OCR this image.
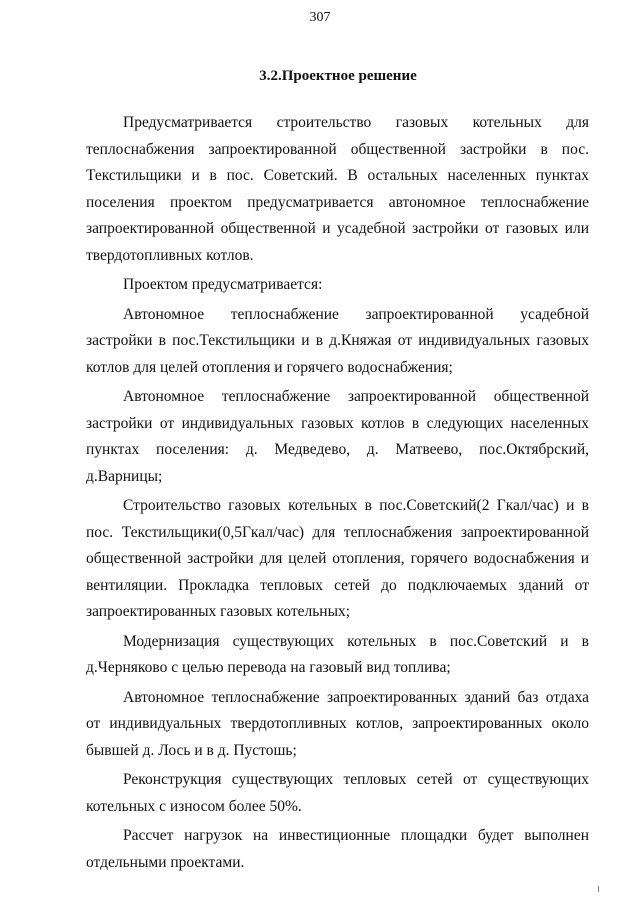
307
3.2.Проектное решение

Предусматривается строительство газовых котельных для теплоснабжения запроектированной общественной застройки в пос. Текстильщики и в пос. Советский. В остальных населенных пунктах поселения проектом предусматривается автономное теплоснабжение запроектированной общественной и усадебной застройки от газовых или твердотопливных котлов.

Проектом предусматривается:

Автономное теплоснабжение запроектированной усадебной застройки в пос.Текстильщики и в д.Княжая от индивидуальных газовых котлов для целей отопления и горячего водоснабжения;

Автономное теплоснабжение запроектированной общественной застройки от индивидуальных газовых котлов в следующих населенных пунктах поселения: д. Медведево, д. Матвеево, пос.Октябрский, д.Варницы;

Строительство газовых котельных в пос.Советский(2 Гкал/час) и в пос. Текстильщики(0,5Гкал/час) для теплоснабжения запроектированной общественной застройки для целей отопления, горячего водоснабжения и вентиляции. Прокладка тепловых сетей до подключаемых зданий от запроектированных газовых котельных;

Модернизация существующих котельных в пос.Советский и в д.Черняково с целью перевода на газовый вид топлива;

Автономное теплоснабжение запроектированных зданий баз отдаха от индивидуальных твердотопливных котлов, запроектированных около бывшей д. Лось и в д. Пустошь;

Реконструкция существующих тепловых сетей от существующих котельных с износом более 50%.

Рассчет нагрузок на инвестиционные площадки будет выполнен отдельными проектами.
